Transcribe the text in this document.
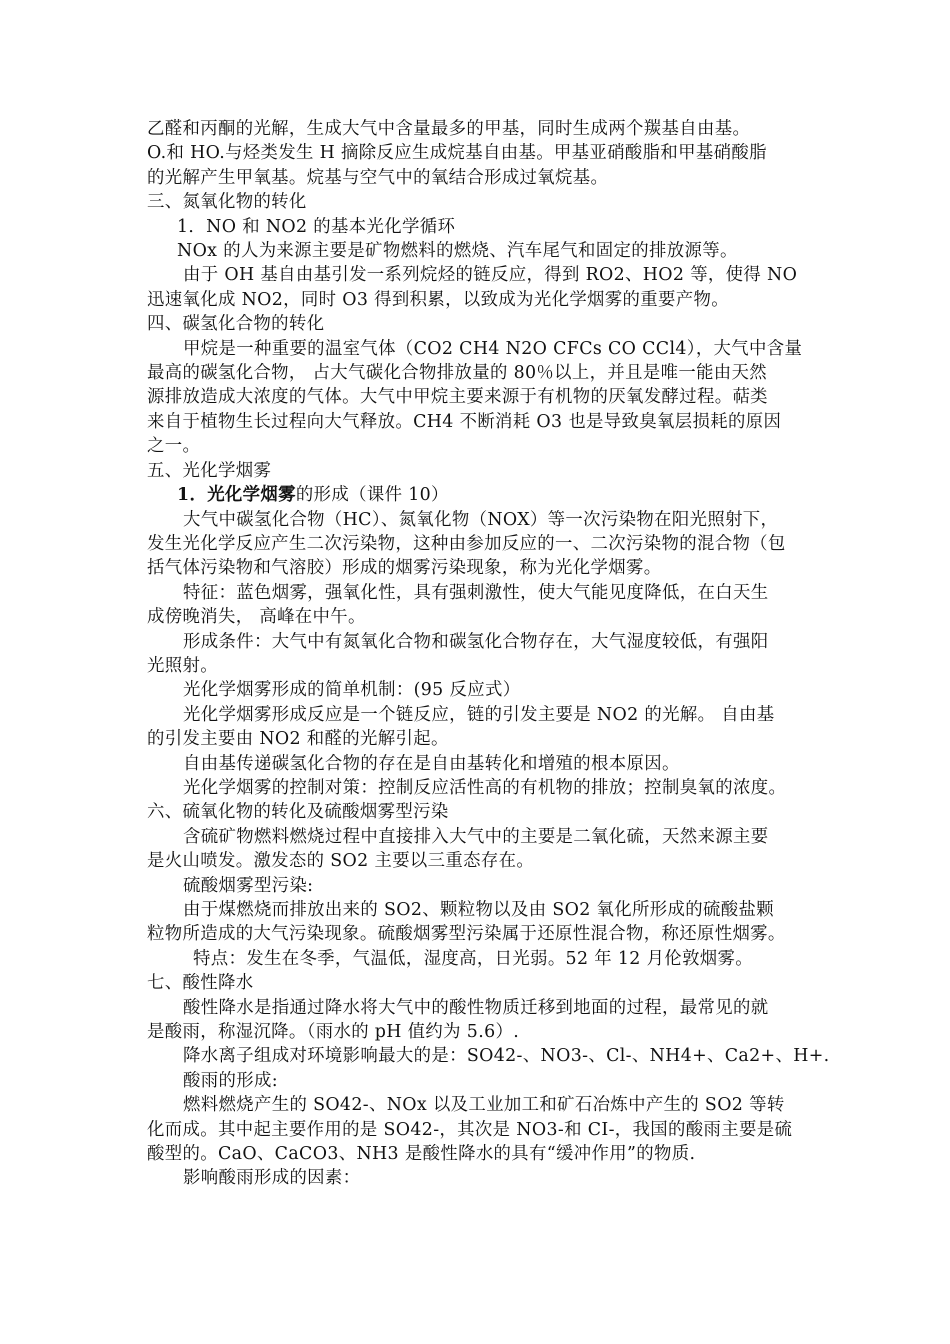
乙醛和丙酮的光解，生成大气中含量最多的甲基，同时生成两个羰基自由基。
O.和 HO.与烃类发生 H 摘除反应生成烷基自由基。甲基亚硝酸脂和甲基硝酸脂
的光解产生甲氧基。烷基与空气中的氧结合形成过氧烷基。
三、氮氧化物的转化
1．NO 和 NO2 的基本光化学循环
NOx 的人为来源主要是矿物燃料的燃烧、汽车尾气和固定的排放源等。
由于 OH 基自由基引发一系列烷烃的链反应，得到 RO2、HO2 等，使得 NO
迅速氧化成 NO2，同时 O3 得到积累，以致成为光化学烟雾的重要产物。
四、碳氢化合物的转化
甲烷是一种重要的温室气体（CO2 CH4 N2O CFCs CO CCl4），大气中含量
最高的碳氢化合物， 占大气碳化合物排放量的 80％以上，并且是唯一能由天然
源排放造成大浓度的气体。大气中甲烷主要来源于有机物的厌氧发酵过程。萜类
来自于植物生长过程向大气释放。CH4 不断消耗 O3 也是导致臭氧层损耗的原因
之一。
五、光化学烟雾
1．光化学烟雾的形成（课件 10）
大气中碳氢化合物（HC）、氮氧化物（NOX）等一次污染物在阳光照射下，
发生光化学反应产生二次污染物，这种由参加反应的一、二次污染物的混合物（包
括气体污染物和气溶胶）形成的烟雾污染现象，称为光化学烟雾。
特征：蓝色烟雾，强氧化性，具有强刺激性，使大气能见度降低，在白天生
成傍晚消失， 高峰在中午。
形成条件：大气中有氮氧化合物和碳氢化合物存在，大气湿度较低，有强阳
光照射。
光化学烟雾形成的简单机制：(95 反应式）
光化学烟雾形成反应是一个链反应，链的引发主要是 NO2 的光解。 自由基
的引发主要由 NO2 和醛的光解引起。
自由基传递碳氢化合物的存在是自由基转化和增殖的根本原因。
光化学烟雾的控制对策：控制反应活性高的有机物的排放；控制臭氧的浓度。
六、硫氧化物的转化及硫酸烟雾型污染
含硫矿物燃料燃烧过程中直接排入大气中的主要是二氧化硫，天然来源主要
是火山喷发。激发态的 SO2 主要以三重态存在。
硫酸烟雾型污染:
由于煤燃烧而排放出来的 SO2、颗粒物以及由 SO2 氧化所形成的硫酸盐颗
粒物所造成的大气污染现象。硫酸烟雾型污染属于还原性混合物，称还原性烟雾。
特点：发生在冬季，气温低，湿度高，日光弱。52 年 12 月伦敦烟雾。
七、酸性降水
酸性降水是指通过降水将大气中的酸性物质迁移到地面的过程，最常见的就
是酸雨，称湿沉降。（雨水的 pH 值约为 5.6）.
降水离子组成对环境影响最大的是：SO42-、NO3-、Cl-、NH4+、Ca2+、H+.
酸雨的形成:
燃料燃烧产生的 SO42-、NOx 以及工业加工和矿石冶炼中产生的 SO2 等转
化而成。其中起主要作用的是 SO42-，其次是 NO3-和 CI-，我国的酸雨主要是硫
酸型的。CaO、CaCO3、NH3 是酸性降水的具有“缓冲作用”的物质.
影响酸雨形成的因素：
